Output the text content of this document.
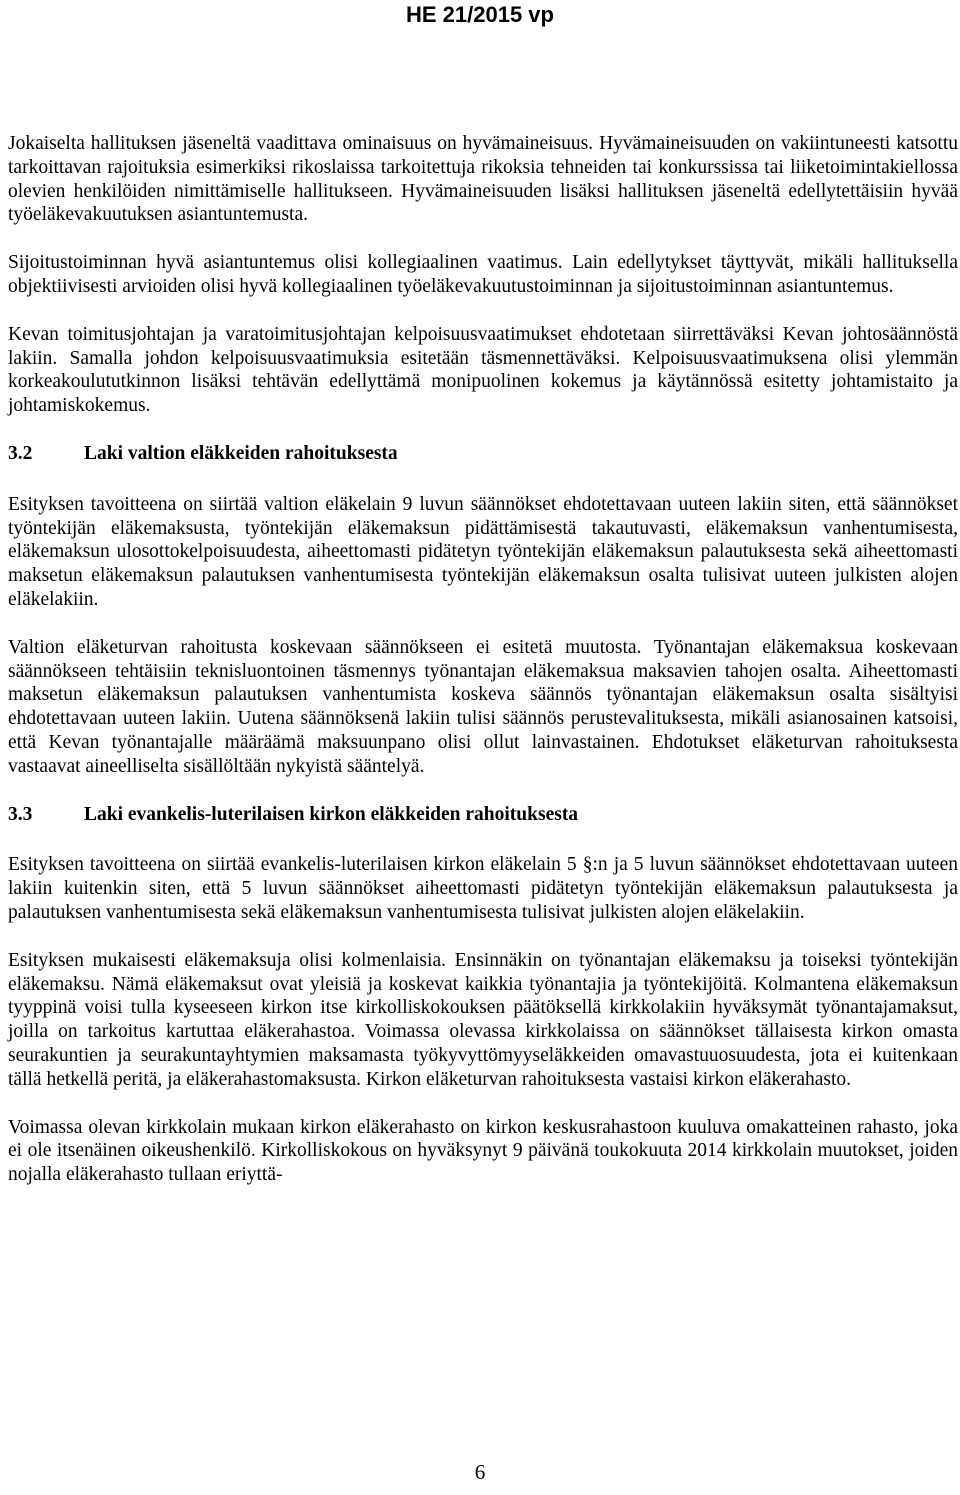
HE 21/2015 vp

Jokaiselta hallituksen jäseneltä vaadittava ominaisuus on hyvämaineisuus. Hyvämaineisuuden on vakiintuneesti katsottu tarkoittavan rajoituksia esimerkiksi rikoslaissa tarkoitettuja rikoksia tehneiden tai konkurssissa tai liiketoimintakiellossa olevien henkilöiden nimittämiselle hallitukseen. Hyvämaineisuuden lisäksi hallituksen jäseneltä edellytettäisiin hyvää työeläkevakuutuksen asiantuntemusta.

Sijoitustoiminnan hyvä asiantuntemus olisi kollegiaalinen vaatimus. Lain edellytykset täyttyvät, mikäli hallituksella objektiivisesti arvioiden olisi hyvä kollegiaalinen työeläkevakuutustoiminnan ja sijoitustoiminnan asiantuntemus.

Kevan toimitusjohtajan ja varatoimitusjohtajan kelpoisuusvaatimukset ehdotetaan siirrettäväksi Kevan johtosäännöstä lakiin. Samalla johdon kelpoisuusvaatimuksia esitetään täsmennettäväksi. Kelpoisuusvaatimuksena olisi ylemmän korkeakoulututkinnon lisäksi tehtävän edellyttämä monipuolinen kokemus ja käytännössä esitetty johtamistaito ja johtamiskokemus.

3.2	Laki valtion eläkkeiden rahoituksesta

Esityksen tavoitteena on siirtää valtion eläkelain 9 luvun säännökset ehdotettavaan uuteen lakiin siten, että säännökset työntekijän eläkemaksusta, työntekijän eläkemaksun pidättämisestä takautuvasti, eläkemaksun vanhentumisesta, eläkemaksun ulosottokelpoisuudesta, aiheettomasti pidätetyn työntekijän eläkemaksun palautuksesta sekä aiheettomasti maksetun eläkemaksun palautuksen vanhentumisesta työntekijän eläkemaksun osalta tulisivat uuteen julkisten alojen eläkelakiin.

Valtion eläketurvan rahoitusta koskevaan säännökseen ei esitetä muutosta. Työnantajan eläkemaksua koskevaan säännökseen tehtäisiin teknisluontoinen täsmennys työnantajan eläkemaksua maksavien tahojen osalta. Aiheettomasti maksetun eläkemaksun palautuksen vanhentumista koskeva säännös työnantajan eläkemaksun osalta sisältyisi ehdotettavaan uuteen lakiin. Uutena säännöksenä lakiin tulisi säännös perustevalituksesta, mikäli asianosainen katsoisi, että Kevan työnantajalle määräämä maksuunpano olisi ollut lainvastainen. Ehdotukset eläketurvan rahoituksesta vastaavat aineelliselta sisällöltään nykyistä sääntelyä.

3.3	Laki evankelis-luterilaisen kirkon eläkkeiden rahoituksesta

Esityksen tavoitteena on siirtää evankelis-luterilaisen kirkon eläkelain 5 §:n ja 5 luvun säännökset ehdotettavaan uuteen lakiin kuitenkin siten, että 5 luvun säännökset aiheettomasti pidätetyn työntekijän eläkemaksun palautuksesta ja palautuksen vanhentumisesta sekä eläkemaksun vanhentumisesta tulisivat julkisten alojen eläkelakiin.

Esityksen mukaisesti eläkemaksuja olisi kolmenlaisia. Ensinnäkin on työnantajan eläkemaksu ja toiseksi työntekijän eläkemaksu. Nämä eläkemaksut ovat yleisiä ja koskevat kaikkia työnantajia ja työntekijöitä. Kolmantena eläkemaksun tyyppinä voisi tulla kyseeseen kirkon itse kirkolliskokouksen päätöksellä kirkkolakiin hyväksymät työnantajamaksut, joilla on tarkoitus kartuttaa eläkerahastoa. Voimassa olevassa kirkkolaissa on säännökset tällaisesta kirkon omasta seurakuntien ja seurakuntayhtymien maksamasta työkyvyttömyyseläkkeiden omavastuuosuudesta, jota ei kuitenkaan tällä hetkellä peritä, ja eläkerahastomaksusta. Kirkon eläketurvan rahoituksesta vastaisi kirkon eläkerahasto.

Voimassa olevan kirkkolain mukaan kirkon eläkerahasto on kirkon keskusrahastoon kuuluva omakatteinen rahasto, joka ei ole itsenäinen oikeushenkilö. Kirkolliskokous on hyväksynyt 9 päivänä toukokuuta 2014 kirkkolain muutokset, joiden nojalla eläkerahasto tullaan eriyttä-

6
